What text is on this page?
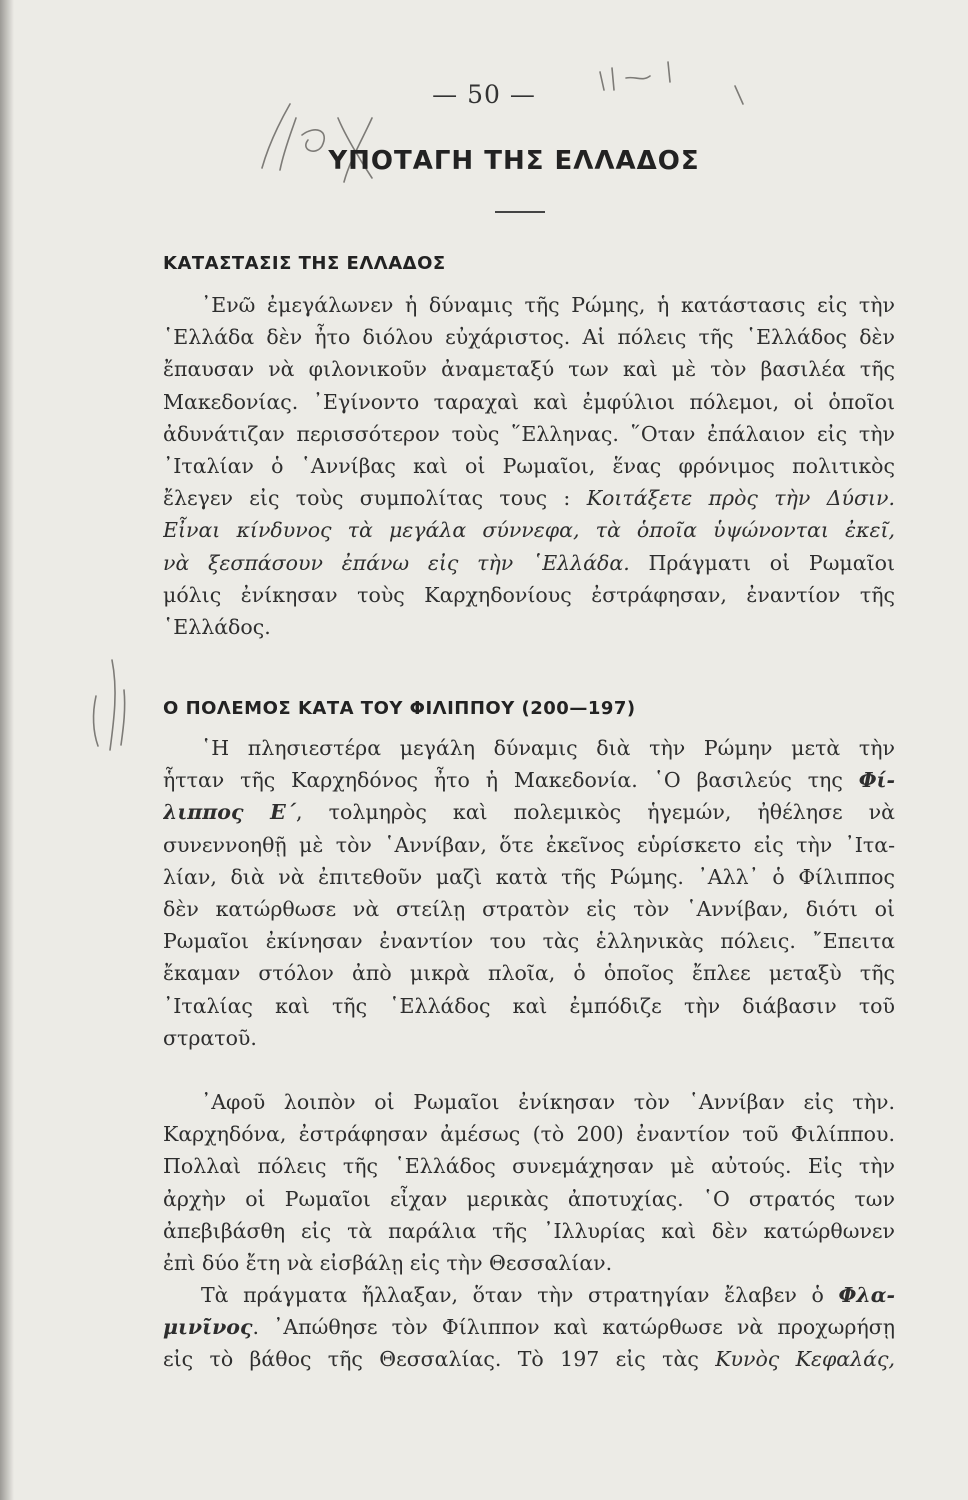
— 50 —
ΥΠΟΤΑΓΗ ΤΗΣ ΕΛΛΑΔΟΣ
ΚΑΤΑΣΤΑΣΙΣ ΤΗΣ ΕΛΛΑΔΟΣ
᾿Ενῶ ἐμεγάλωνεν ἡ δύναμις τῆς Ρώμης, ἡ κατάστασις εἰς τὴν
῾Ελλάδα δὲν ἦτο διόλου εὐχάριστος. Αἱ πόλεις τῆς ῾Ελλάδος δὲν
ἔπαυσαν νὰ φιλονικοῦν ἀναμεταξύ των καὶ μὲ τὸν βασιλέα τῆς
Μακεδονίας. ᾿Εγίνοντο ταραχαὶ καὶ ἐμφύλιοι πόλεμοι, οἱ ὁποῖοι
ἀδυνάτιζαν περισσότερον τοὺς ῞Ελληνας. ῞Οταν ἐπάλαιον εἰς τὴν
᾿Ιταλίαν ὁ ῾Αννίβας καὶ οἱ Ρωμαῖοι, ἕνας φρόνιμος πολιτικὸς
ἔλεγεν εἰς τοὺς συμπολίτας τους : Κοιτάξετε πρὸς τὴν Δύσιν.
Εἶναι κίνδυνος τὰ μεγάλα σύννεφα, τὰ ὁποῖα ὑψώνονται ἐκεῖ,
νὰ ξεσπάσουν ἐπάνω εἰς τὴν ῾Ελλάδα. Πράγματι οἱ Ρωμαῖοι
μόλις ἐνίκησαν τοὺς Καρχηδονίους ἐστράφησαν, ἐναντίον τῆς
῾Ελλάδος.
Ο ΠΟΛΕΜΟΣ ΚΑΤΑ ΤΟΥ ΦΙΛΙΠΠΟΥ (200—197)
῾Η πλησιεστέρα μεγάλη δύναμις διὰ τὴν Ρώμην μετὰ τὴν
ἧτταν τῆς Καρχηδόνος ἦτο ἡ Μακεδονία. ῾Ο βασιλεύς της Φί-
λιππος Ε΄, τολμηρὸς καὶ πολεμικὸς ἡγεμών, ἠθέλησε νὰ
συνεννοηθῇ μὲ τὸν ῾Αννίβαν, ὅτε ἐκεῖνος εὑρίσκετο εἰς τὴν ᾿Ιτα-
λίαν, διὰ νὰ ἐπιτεθοῦν μαζὶ κατὰ τῆς Ρώμης. ᾿Αλλ᾿ ὁ Φίλιππος
δὲν κατώρθωσε νὰ στείλῃ στρατὸν εἰς τὸν ῾Αννίβαν, διότι οἱ
Ρωμαῖοι ἐκίνησαν ἐναντίον του τὰς ἑλληνικὰς πόλεις. ῎Επειτα
ἔκαμαν στόλον ἀπὸ μικρὰ πλοῖα, ὁ ὁποῖος ἔπλεε μεταξὺ τῆς
᾿Ιταλίας καὶ τῆς ῾Ελλάδος καὶ ἐμπόδιζε τὴν διάβασιν τοῦ
στρατοῦ.
᾿Αφοῦ λοιπὸν οἱ Ρωμαῖοι ἐνίκησαν τὸν ῾Αννίβαν εἰς τὴν.
Καρχηδόνα, ἐστράφησαν ἀμέσως (τὸ 200) ἐναντίον τοῦ Φιλίππου.
Πολλαὶ πόλεις τῆς ῾Ελλάδος συνεμάχησαν μὲ αὐτούς. Εἰς τὴν
ἀρχὴν οἱ Ρωμαῖοι εἶχαν μερικὰς ἀποτυχίας. ῾Ο στρατός των
ἀπεβιβάσθη εἰς τὰ παράλια τῆς ᾿Ιλλυρίας καὶ δὲν κατώρθωνεν
ἐπὶ δύο ἔτη νὰ εἰσβάλῃ εἰς τὴν Θεσσαλίαν.
Τὰ πράγματα ἤλλαξαν, ὅταν τὴν στρατηγίαν ἔλαβεν ὁ Φλα-
μινῖνος. ᾿Απώθησε τὸν Φίλιππον καὶ κατώρθωσε νὰ προχωρήσῃ
εἰς τὸ βάθος τῆς Θεσσαλίας. Τὸ 197 εἰς τὰς Κυνὸς Κεφαλάς,
